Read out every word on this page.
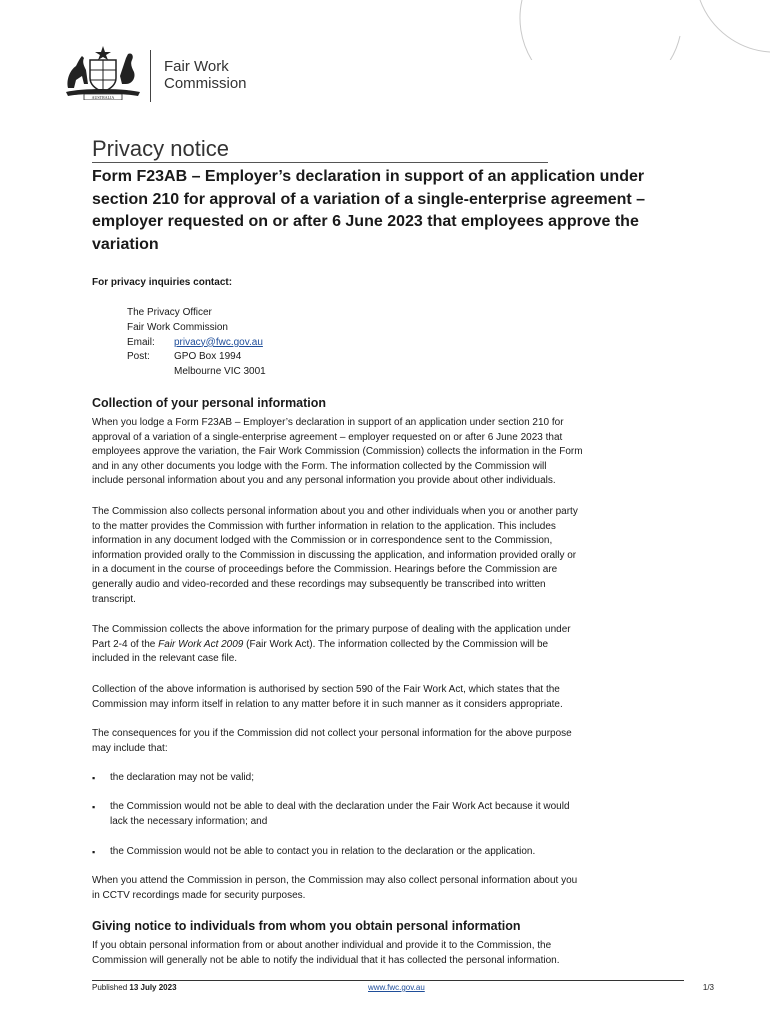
AUSTRALIA
Fair Work
Commission
Privacy notice
Form F23AB – Employer’s declaration in support of an application under
section 210 for approval of a variation of a single-enterprise agreement –
employer requested on or after 6 June 2023 that employees approve the
variation
For privacy inquiries contact:
The Privacy Officer
Fair Work Commission
Email:	privacy@fwc.gov.au
Post:	GPO Box 1994
Melbourne VIC 3001
Collection of your personal information
When you lodge a Form F23AB – Employer’s declaration in support of an application under section 210 for
approval of a variation of a single-enterprise agreement – employer requested on or after 6 June 2023 that
employees approve the variation, the Fair Work Commission (Commission) collects the information in the Form
and in any other documents you lodge with the Form. The information collected by the Commission will
include personal information about you and any personal information you provide about other individuals.
The Commission also collects personal information about you and other individuals when you or another party
to the matter provides the Commission with further information in relation to the application. This includes
information in any document lodged with the Commission or in correspondence sent to the Commission,
information provided orally to the Commission in discussing the application, and information provided orally or
in a document in the course of proceedings before the Commission. Hearings before the Commission are
generally audio and video-recorded and these recordings may subsequently be transcribed into written
transcript.
The Commission collects the above information for the primary purpose of dealing with the application under
Part 2-4 of the Fair Work Act 2009 (Fair Work Act). The information collected by the Commission will be
included in the relevant case file.
Collection of the above information is authorised by section 590 of the Fair Work Act, which states that the
Commission may inform itself in relation to any matter before it in such manner as it considers appropriate.
The consequences for you if the Commission did not collect your personal information for the above purpose
may include that:
▪	the declaration may not be valid;
▪	the Commission would not be able to deal with the declaration under the Fair Work Act because it would
lack the necessary information; and
▪	the Commission would not be able to contact you in relation to the declaration or the application.
When you attend the Commission in person, the Commission may also collect personal information about you
in CCTV recordings made for security purposes.
Giving notice to individuals from whom you obtain personal information
If you obtain personal information from or about another individual and provide it to the Commission, the
Commission will generally not be able to notify the individual that it has collected the personal information.
Published 13 July 2023	www.fwc.gov.au	1/3
